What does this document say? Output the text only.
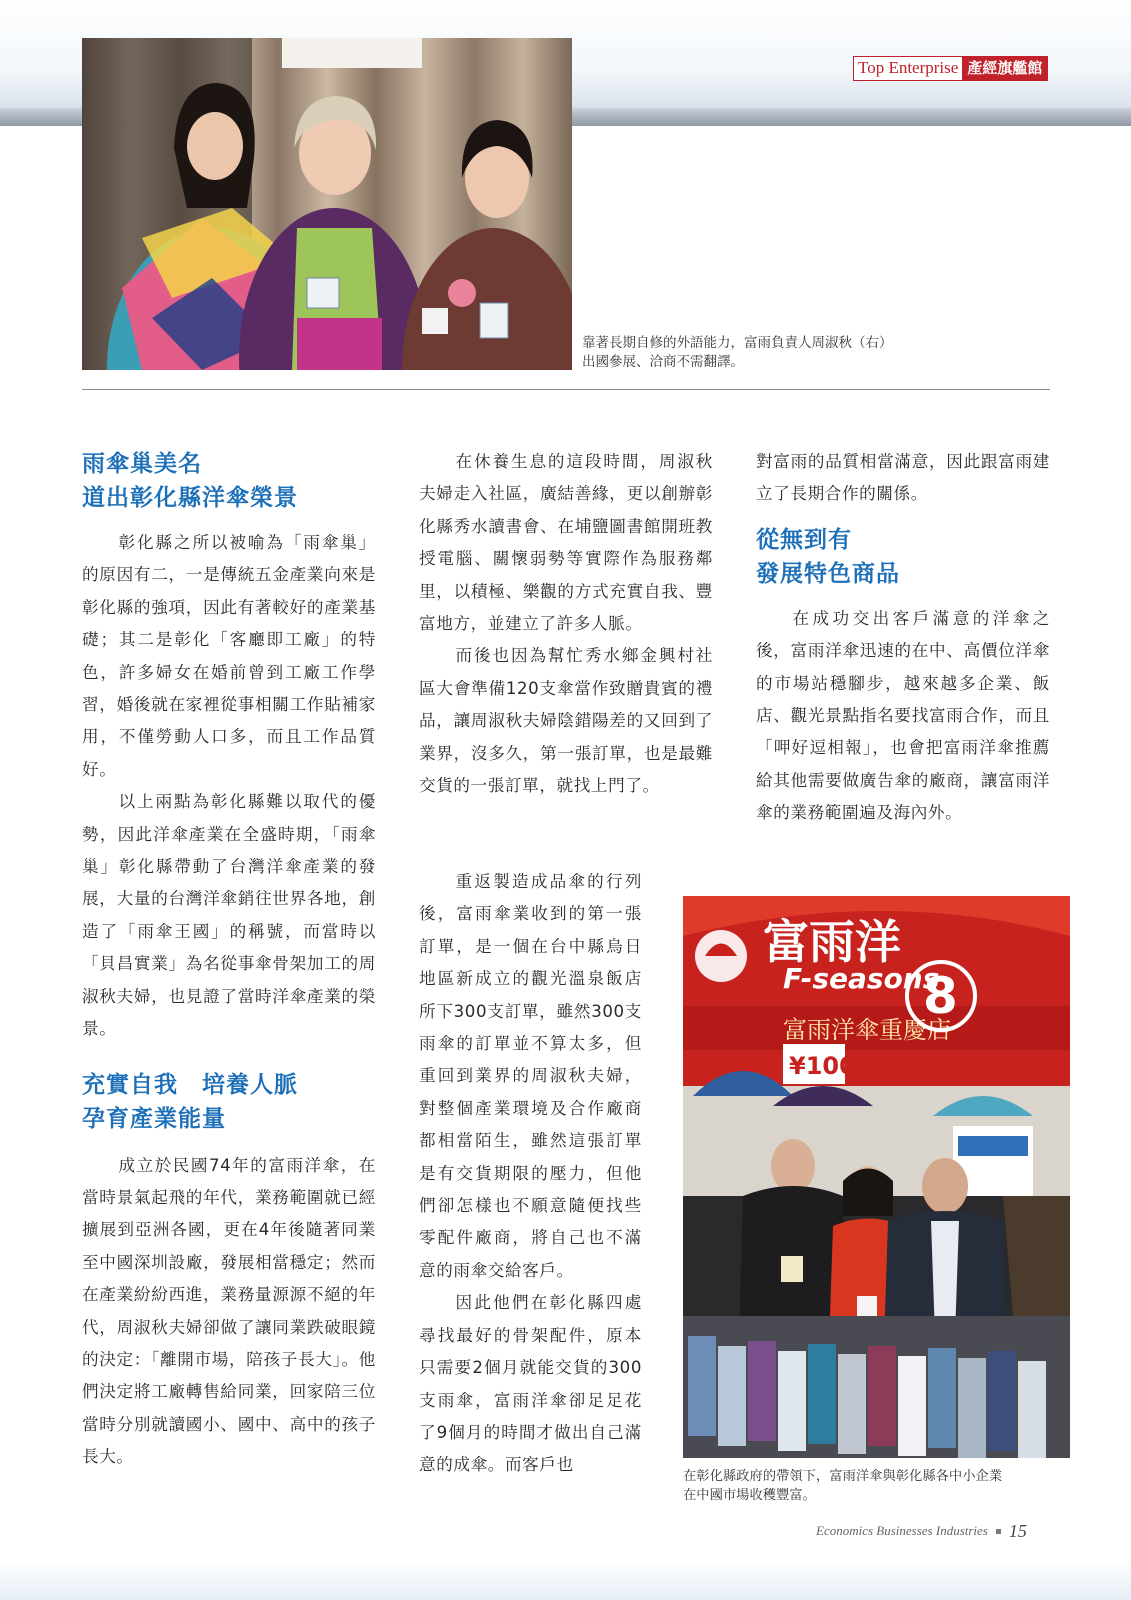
Top Enterprise 產經旗艦館
靠著長期自修的外語能力，富雨負責人周淑秋（右）
出國參展、洽商不需翻譯。
雨傘巢美名
道出彰化縣洋傘榮景

彰化縣之所以被喻為「雨傘巢」的原因有二，一是傳統五金產業向來是彰化縣的強項，因此有著較好的產業基礎；其二是彰化「客廳即工廠」的特色，許多婦女在婚前曾到工廠工作學習，婚後就在家裡從事相關工作貼補家用，不僅勞動人口多，而且工作品質好。

以上兩點為彰化縣難以取代的優勢，因此洋傘產業在全盛時期，「雨傘巢」彰化縣帶動了台灣洋傘產業的發展，大量的台灣洋傘銷往世界各地，創造了「雨傘王國」的稱號，而當時以「貝昌實業」為名從事傘骨架加工的周淑秋夫婦，也見證了當時洋傘產業的榮景。

充實自我　培養人脈
孕育產業能量

成立於民國74年的富雨洋傘，在當時景氣起飛的年代，業務範圍就已經擴展到亞洲各國，更在4年後隨著同業至中國深圳設廠，發展相當穩定；然而在產業紛紛西進，業務量源源不絕的年代，周淑秋夫婦卻做了讓同業跌破眼鏡的決定：「離開市場，陪孩子長大」。他們決定將工廠轉售給同業，回家陪三位當時分別就讀國小、國中、高中的孩子長大。

在休養生息的這段時間，周淑秋夫婦走入社區，廣結善緣，更以創辦彰化縣秀水讀書會、在埔鹽圖書館開班教授電腦、關懷弱勢等實際作為服務鄰里，以積極、樂觀的方式充實自我、豐富地方，並建立了許多人脈。

而後也因為幫忙秀水鄉金興村社區大會準備120支傘當作致贈貴賓的禮品，讓周淑秋夫婦陰錯陽差的又回到了業界，沒多久，第一張訂單，也是最難交貨的一張訂單，就找上門了。

重返製造成品傘的行列後，富雨傘業收到的第一張訂單，是一個在台中縣烏日地區新成立的觀光溫泉飯店所下300支訂單，雖然300支雨傘的訂單並不算太多，但重回到業界的周淑秋夫婦，對整個產業環境及合作廠商都相當陌生，雖然這張訂單是有交貨期限的壓力，但他們卻怎樣也不願意隨便找些零配件廠商，將自己也不滿意的雨傘交給客戶。

因此他們在彰化縣四處尋找最好的骨架配件，原本只需要2個月就能交貨的300支雨傘，富雨洋傘卻足足花了9個月的時間才做出自己滿意的成傘。而客戶也

對富雨的品質相當滿意，因此跟富雨建立了長期合作的關係。

從無到有
發展特色商品

在成功交出客戶滿意的洋傘之後，富雨洋傘迅速的在中、高價位洋傘的市場站穩腳步，越來越多企業、飯店、觀光景點指名要找富雨合作，而且「呷好逗相報」，也會把富雨洋傘推薦給其他需要做廣告傘的廠商，讓富雨洋傘的業務範圍遍及海內外。

富雨洋
F-seasons
富雨洋傘重慶店
8
¥100
在彰化縣政府的帶領下，富雨洋傘與彰化縣各中小企業
在中國市場收穫豐富。
Economics Businesses Industries 15
